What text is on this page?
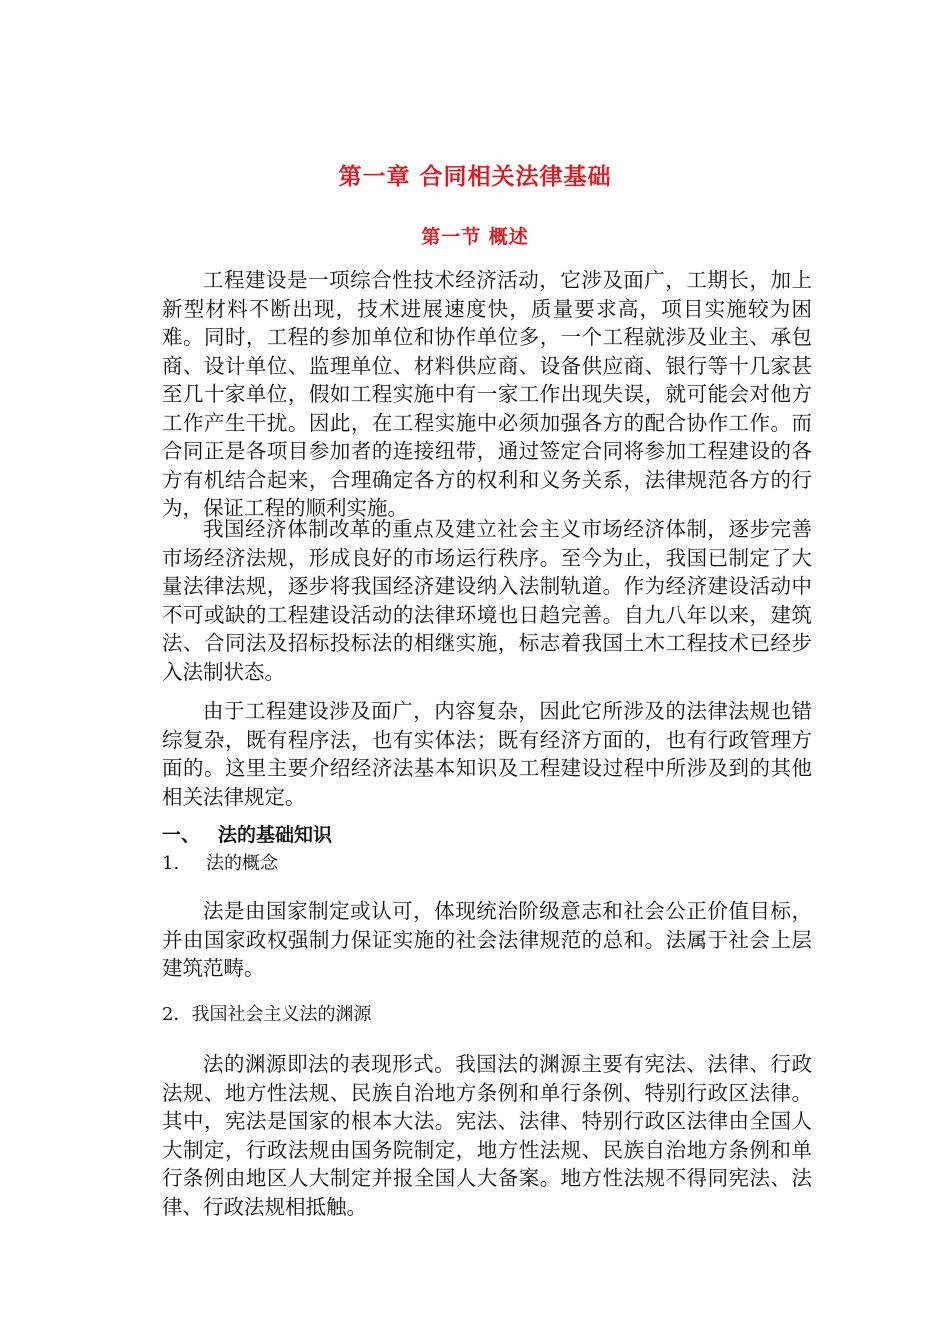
第一章 合同相关法律基础
第一节 概述

工程建设是一项综合性技术经济活动，它涉及面广，工期长，加上新型材料不断出现，技术进展速度快，质量要求高，项目实施较为困难。同时，工程的参加单位和协作单位多，一个工程就涉及业主、承包商、设计单位、监理单位、材料供应商、设备供应商、银行等十几家甚至几十家单位，假如工程实施中有一家工作出现失误，就可能会对他方工作产生干扰。因此，在工程实施中必须加强各方的配合协作工作。而合同正是各项目参加者的连接纽带，通过签定合同将参加工程建设的各方有机结合起来，合理确定各方的权利和义务关系，法律规范各方的行为，保证工程的顺利实施。

我国经济体制改革的重点及建立社会主义市场经济体制，逐步完善市场经济法规，形成良好的市场运行秩序。至今为止，我国已制定了大量法律法规，逐步将我国经济建设纳入法制轨道。作为经济建设活动中不可或缺的工程建设活动的法律环境也日趋完善。自九八年以来，建筑法、合同法及招标投标法的相继实施，标志着我国土木工程技术已经步入法制状态。

由于工程建设涉及面广，内容复杂，因此它所涉及的法律法规也错综复杂，既有程序法，也有实体法；既有经济方面的，也有行政管理方面的。这里主要介绍经济法基本知识及工程建设过程中所涉及到的其他相关法律规定。

一、 法的基础知识
1. 法的概念

法是由国家制定或认可，体现统治阶级意志和社会公正价值目标，并由国家政权强制力保证实施的社会法律规范的总和。法属于社会上层建筑范畴。

2．我国社会主义法的渊源

法的渊源即法的表现形式。我国法的渊源主要有宪法、法律、行政法规、地方性法规、民族自治地方条例和单行条例、特别行政区法律。其中，宪法是国家的根本大法。宪法、法律、特别行政区法律由全国人大制定，行政法规由国务院制定，地方性法规、民族自治地方条例和单行条例由地区人大制定并报全国人大备案。地方性法规不得同宪法、法律、行政法规相抵触。
